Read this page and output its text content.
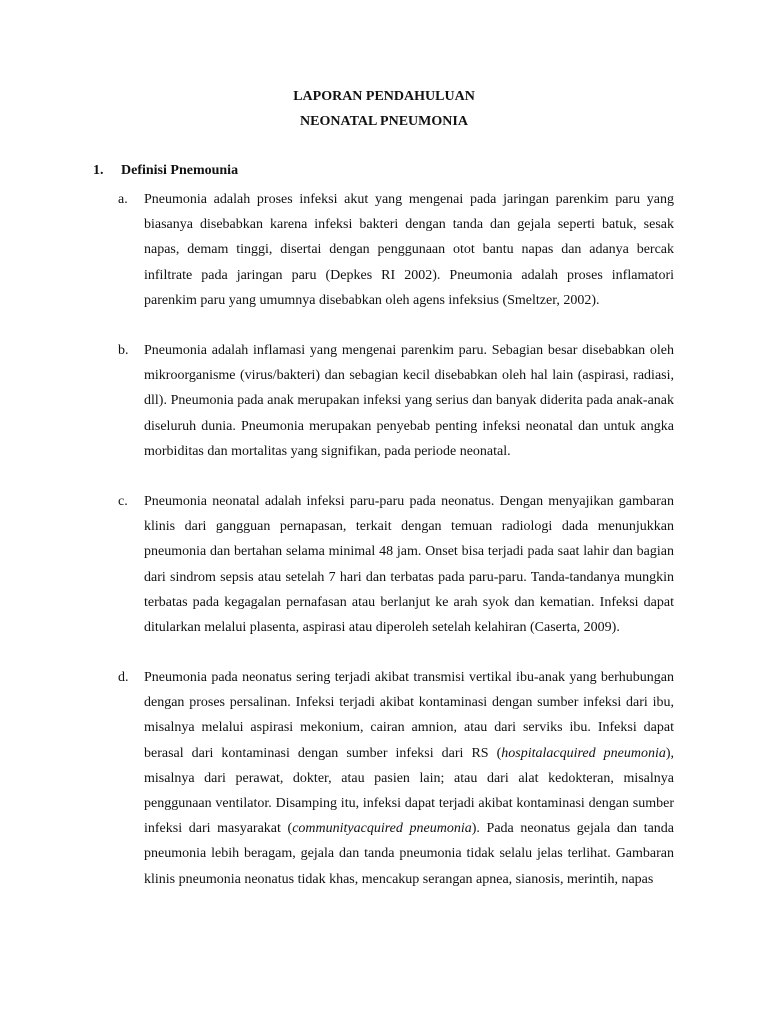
LAPORAN PENDAHULUAN
NEONATAL PNEUMONIA
1. Definisi Pnemounia
a. Pneumonia adalah proses infeksi akut yang mengenai pada jaringan parenkim paru yang biasanya disebabkan karena infeksi bakteri dengan tanda dan gejala seperti batuk, sesak napas, demam tinggi, disertai dengan penggunaan otot bantu napas dan adanya bercak infiltrate pada jaringan paru (Depkes RI 2002). Pneumonia adalah proses inflamatori parenkim paru yang umumnya disebabkan oleh agens infeksius (Smeltzer, 2002).
b. Pneumonia adalah inflamasi yang mengenai parenkim paru. Sebagian besar disebabkan oleh mikroorganisme (virus/bakteri) dan sebagian kecil disebabkan oleh hal lain (aspirasi, radiasi, dll). Pneumonia pada anak merupakan infeksi yang serius dan banyak diderita pada anak-anak diseluruh dunia. Pneumonia merupakan penyebab penting infeksi neonatal dan untuk angka morbiditas dan mortalitas yang signifikan, pada periode neonatal.
c. Pneumonia neonatal adalah infeksi paru-paru pada neonatus. Dengan menyajikan gambaran klinis dari gangguan pernapasan, terkait dengan temuan radiologi dada menunjukkan pneumonia dan bertahan selama minimal 48 jam. Onset bisa terjadi pada saat lahir dan bagian dari sindrom sepsis atau setelah 7 hari dan terbatas pada paru-paru. Tanda-tandanya mungkin terbatas pada kegagalan pernafasan atau berlanjut ke arah syok dan kematian. Infeksi dapat ditularkan melalui plasenta, aspirasi atau diperoleh setelah kelahiran (Caserta, 2009).
d. Pneumonia pada neonatus sering terjadi akibat transmisi vertikal ibu-anak yang berhubungan dengan proses persalinan. Infeksi terjadi akibat kontaminasi dengan sumber infeksi dari ibu, misalnya melalui aspirasi mekonium, cairan amnion, atau dari serviks ibu. Infeksi dapat berasal dari kontaminasi dengan sumber infeksi dari RS (hospitalacquired pneumonia), misalnya dari perawat, dokter, atau pasien lain; atau dari alat kedokteran, misalnya penggunaan ventilator. Disamping itu, infeksi dapat terjadi akibat kontaminasi dengan sumber infeksi dari masyarakat (communityacquired pneumonia). Pada neonatus gejala dan tanda pneumonia lebih beragam, gejala dan tanda pneumonia tidak selalu jelas terlihat. Gambaran klinis pneumonia neonatus tidak khas, mencakup serangan apnea, sianosis, merintih, napas
